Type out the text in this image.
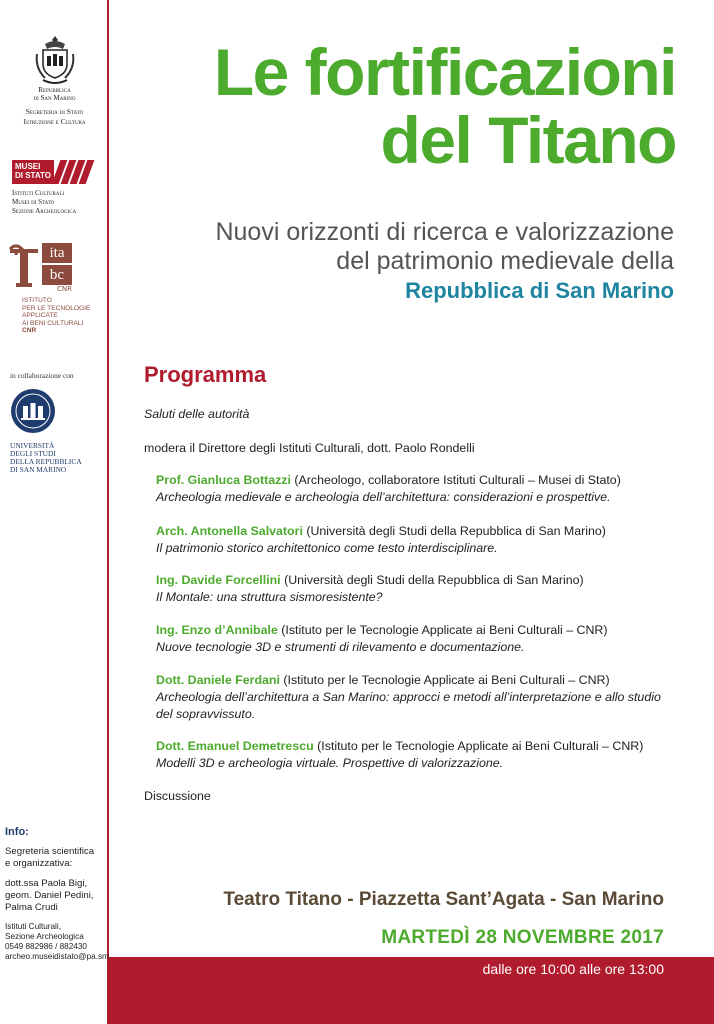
Repubblica
di San Marino
Segreteria di Stato
Istruzione e Cultura
MUSEI
DI STATO
Istituti Culturali
Musei di Stato
Sezione Archeologica
ita
bc
CNR
ISTITUTO
PER LE TECNOLOGIE
APPLICATE
AI BENI CULTURALI
CNR
in collaborazione con
UNIVERSITÀ
DEGLI STUDI
DELLA REPUBBLICA
DI SAN MARINO
Info:

Segreteria scientifica
e organizzativa:

dott.ssa Paola Bigi,
geom. Daniel Pedini,
Palma Crudi

Istituti Culturali,
Sezione Archeologica
0549 882986 / 882430
archeo.museidistato@pa.sm

Le fortificazioni
del Titano
Nuovi orizzonti di ricerca e valorizzazione
del patrimonio medievale della
Repubblica di San Marino
Programma
Saluti delle autorità
modera il Direttore degli Istituti Culturali, dott. Paolo Rondelli
Prof. Gianluca Bottazzi (Archeologo, collaboratore Istituti Culturali – Musei di Stato)
Archeologia medievale e archeologia dell’architettura: considerazioni e prospettive.
Arch. Antonella Salvatori (Università degli Studi della Repubblica di San Marino)
Il patrimonio storico architettonico come testo interdisciplinare.
Ing. Davide Forcellini (Università degli Studi della Repubblica di San Marino)
Il Montale: una struttura sismoresistente?
Ing. Enzo d’Annibale (Istituto per le Tecnologie Applicate ai Beni Culturali – CNR)
Nuove tecnologie 3D e strumenti di rilevamento e documentazione.
Dott. Daniele Ferdani (Istituto per le Tecnologie Applicate ai Beni Culturali – CNR)
Archeologia dell’architettura a San Marino: approcci e metodi all’interpretazione e allo studio del sopravvissuto.
Dott. Emanuel Demetrescu (Istituto per le Tecnologie Applicate ai Beni Culturali – CNR)
Modelli 3D e archeologia virtuale. Prospettive di valorizzazione.
Discussione
Teatro Titano - Piazzetta Sant’Agata - San Marino
MARTEDÌ 28 NOVEMBRE 2017
dalle ore 10:00 alle ore 13:00
